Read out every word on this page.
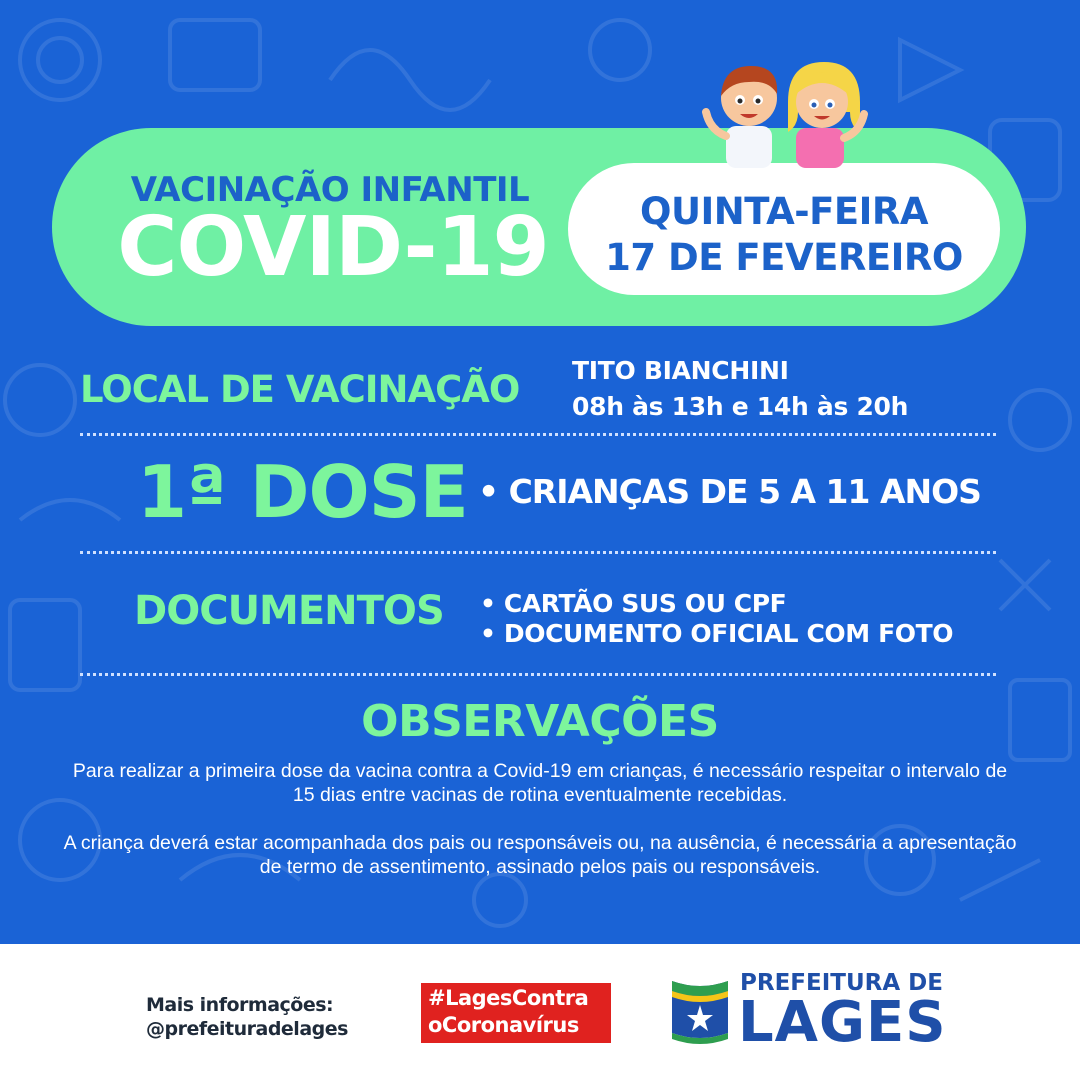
VACINAÇÃO INFANTIL
COVID-19	QUINTA-FEIRA
17 DE FEVEREIRO
LOCAL DE VACINAÇÃO TITO BIANCHINI
08h às 13h e 14h às 20h
1ª DOSE • CRIANÇAS DE 5 A 11 ANOS
DOCUMENTOS • CARTÃO SUS OU CPF
• DOCUMENTO OFICIAL COM FOTO
OBSERVAÇÕES

Para realizar a primeira dose da vacina contra a Covid-19 em crianças, é necessário respeitar o intervalo de 15 dias entre vacinas de rotina eventualmente recebidas.

A criança deverá estar acompanhada dos pais ou responsáveis ou, na ausência, é necessária a apresentação de termo de assentimento, assinado pelos pais ou responsáveis.

Mais informações:
@prefeituradelages
#LagesContra
oCoronavírus
PREFEITURA DE
LAGES
